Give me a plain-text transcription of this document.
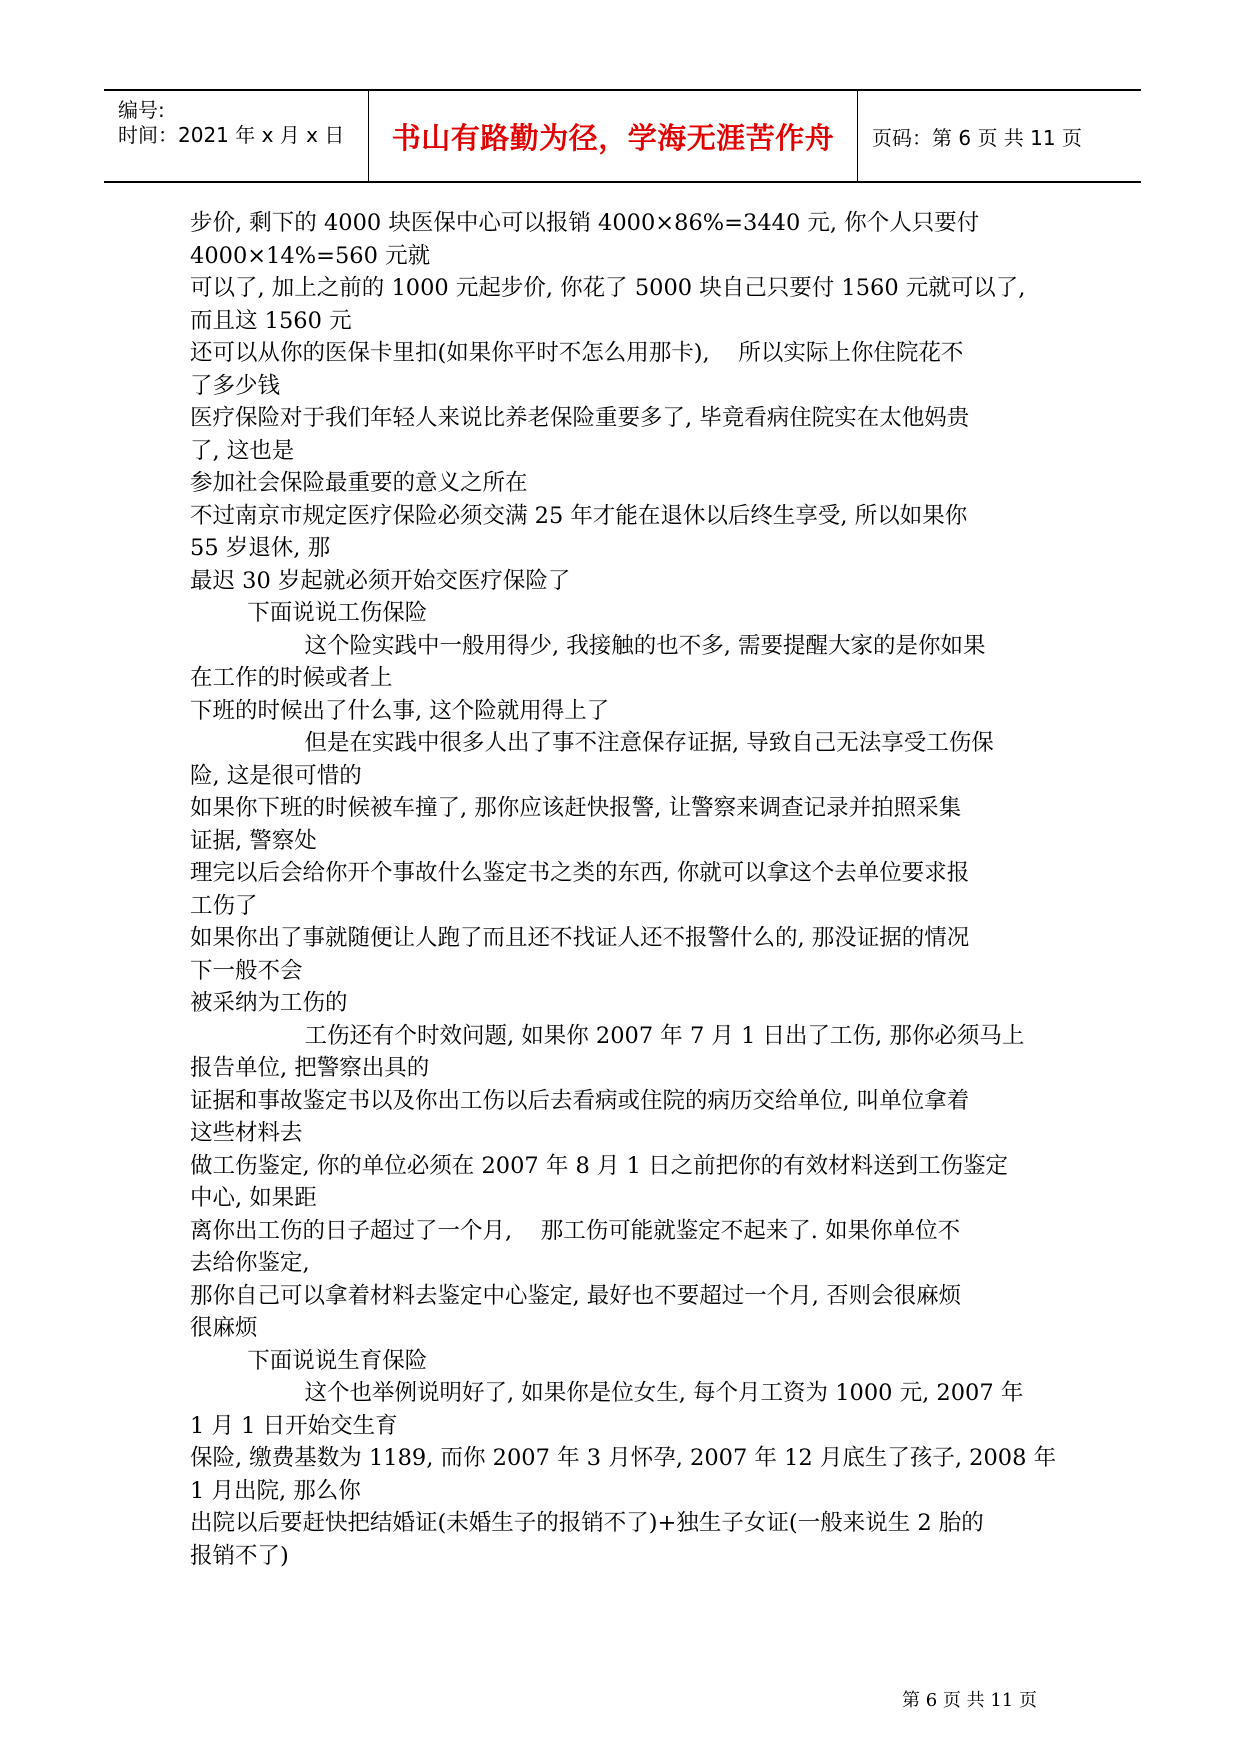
编号:
时间：2021 年 x 月 x 日 书山有路勤为径，学海无涯苦作舟 页码：第 6 页 共 11 页

步价, 剩下的 4000 块医保中心可以报销 4000×86%=3440 元, 你个人只要付

4000×14%=560 元就

可以了, 加上之前的 1000 元起步价, 你花了 5000 块自己只要付 1560 元就可以了,

而且这 1560 元

还可以从你的医保卡里扣(如果你平时不怎么用那卡),    所以实际上你住院花不

了多少钱

医疗保险对于我们年轻人来说比养老保险重要多了, 毕竟看病住院实在太他妈贵

了, 这也是

参加社会保险最重要的意义之所在

不过南京市规定医疗保险必须交满 25 年才能在退休以后终生享受, 所以如果你

55 岁退休, 那

最迟 30 岁起就必须开始交医疗保险了

下面说说工伤保险

这个险实践中一般用得少, 我接触的也不多, 需要提醒大家的是你如果

在工作的时候或者上

下班的时候出了什么事, 这个险就用得上了

但是在实践中很多人出了事不注意保存证据, 导致自己无法享受工伤保

险, 这是很可惜的

如果你下班的时候被车撞了, 那你应该赶快报警, 让警察来调查记录并拍照采集

证据, 警察处

理完以后会给你开个事故什么鉴定书之类的东西, 你就可以拿这个去单位要求报

工伤了

如果你出了事就随便让人跑了而且还不找证人还不报警什么的, 那没证据的情况

下一般不会

被采纳为工伤的

工伤还有个时效问题, 如果你 2007 年 7 月 1 日出了工伤, 那你必须马上

报告单位, 把警察出具的

证据和事故鉴定书以及你出工伤以后去看病或住院的病历交给单位, 叫单位拿着

这些材料去

做工伤鉴定, 你的单位必须在 2007 年 8 月 1 日之前把你的有效材料送到工伤鉴定

中心, 如果距

离你出工伤的日子超过了一个月,    那工伤可能就鉴定不起来了. 如果你单位不

去给你鉴定,

那你自己可以拿着材料去鉴定中心鉴定, 最好也不要超过一个月, 否则会很麻烦

很麻烦

下面说说生育保险

这个也举例说明好了, 如果你是位女生, 每个月工资为 1000 元, 2007 年

1 月 1 日开始交生育

保险, 缴费基数为 1189, 而你 2007 年 3 月怀孕, 2007 年 12 月底生了孩子, 2008 年

1 月出院, 那么你

出院以后要赶快把结婚证(未婚生子的报销不了)+独生子女证(一般来说生 2 胎的

报销不了)

第 6 页 共 11 页
